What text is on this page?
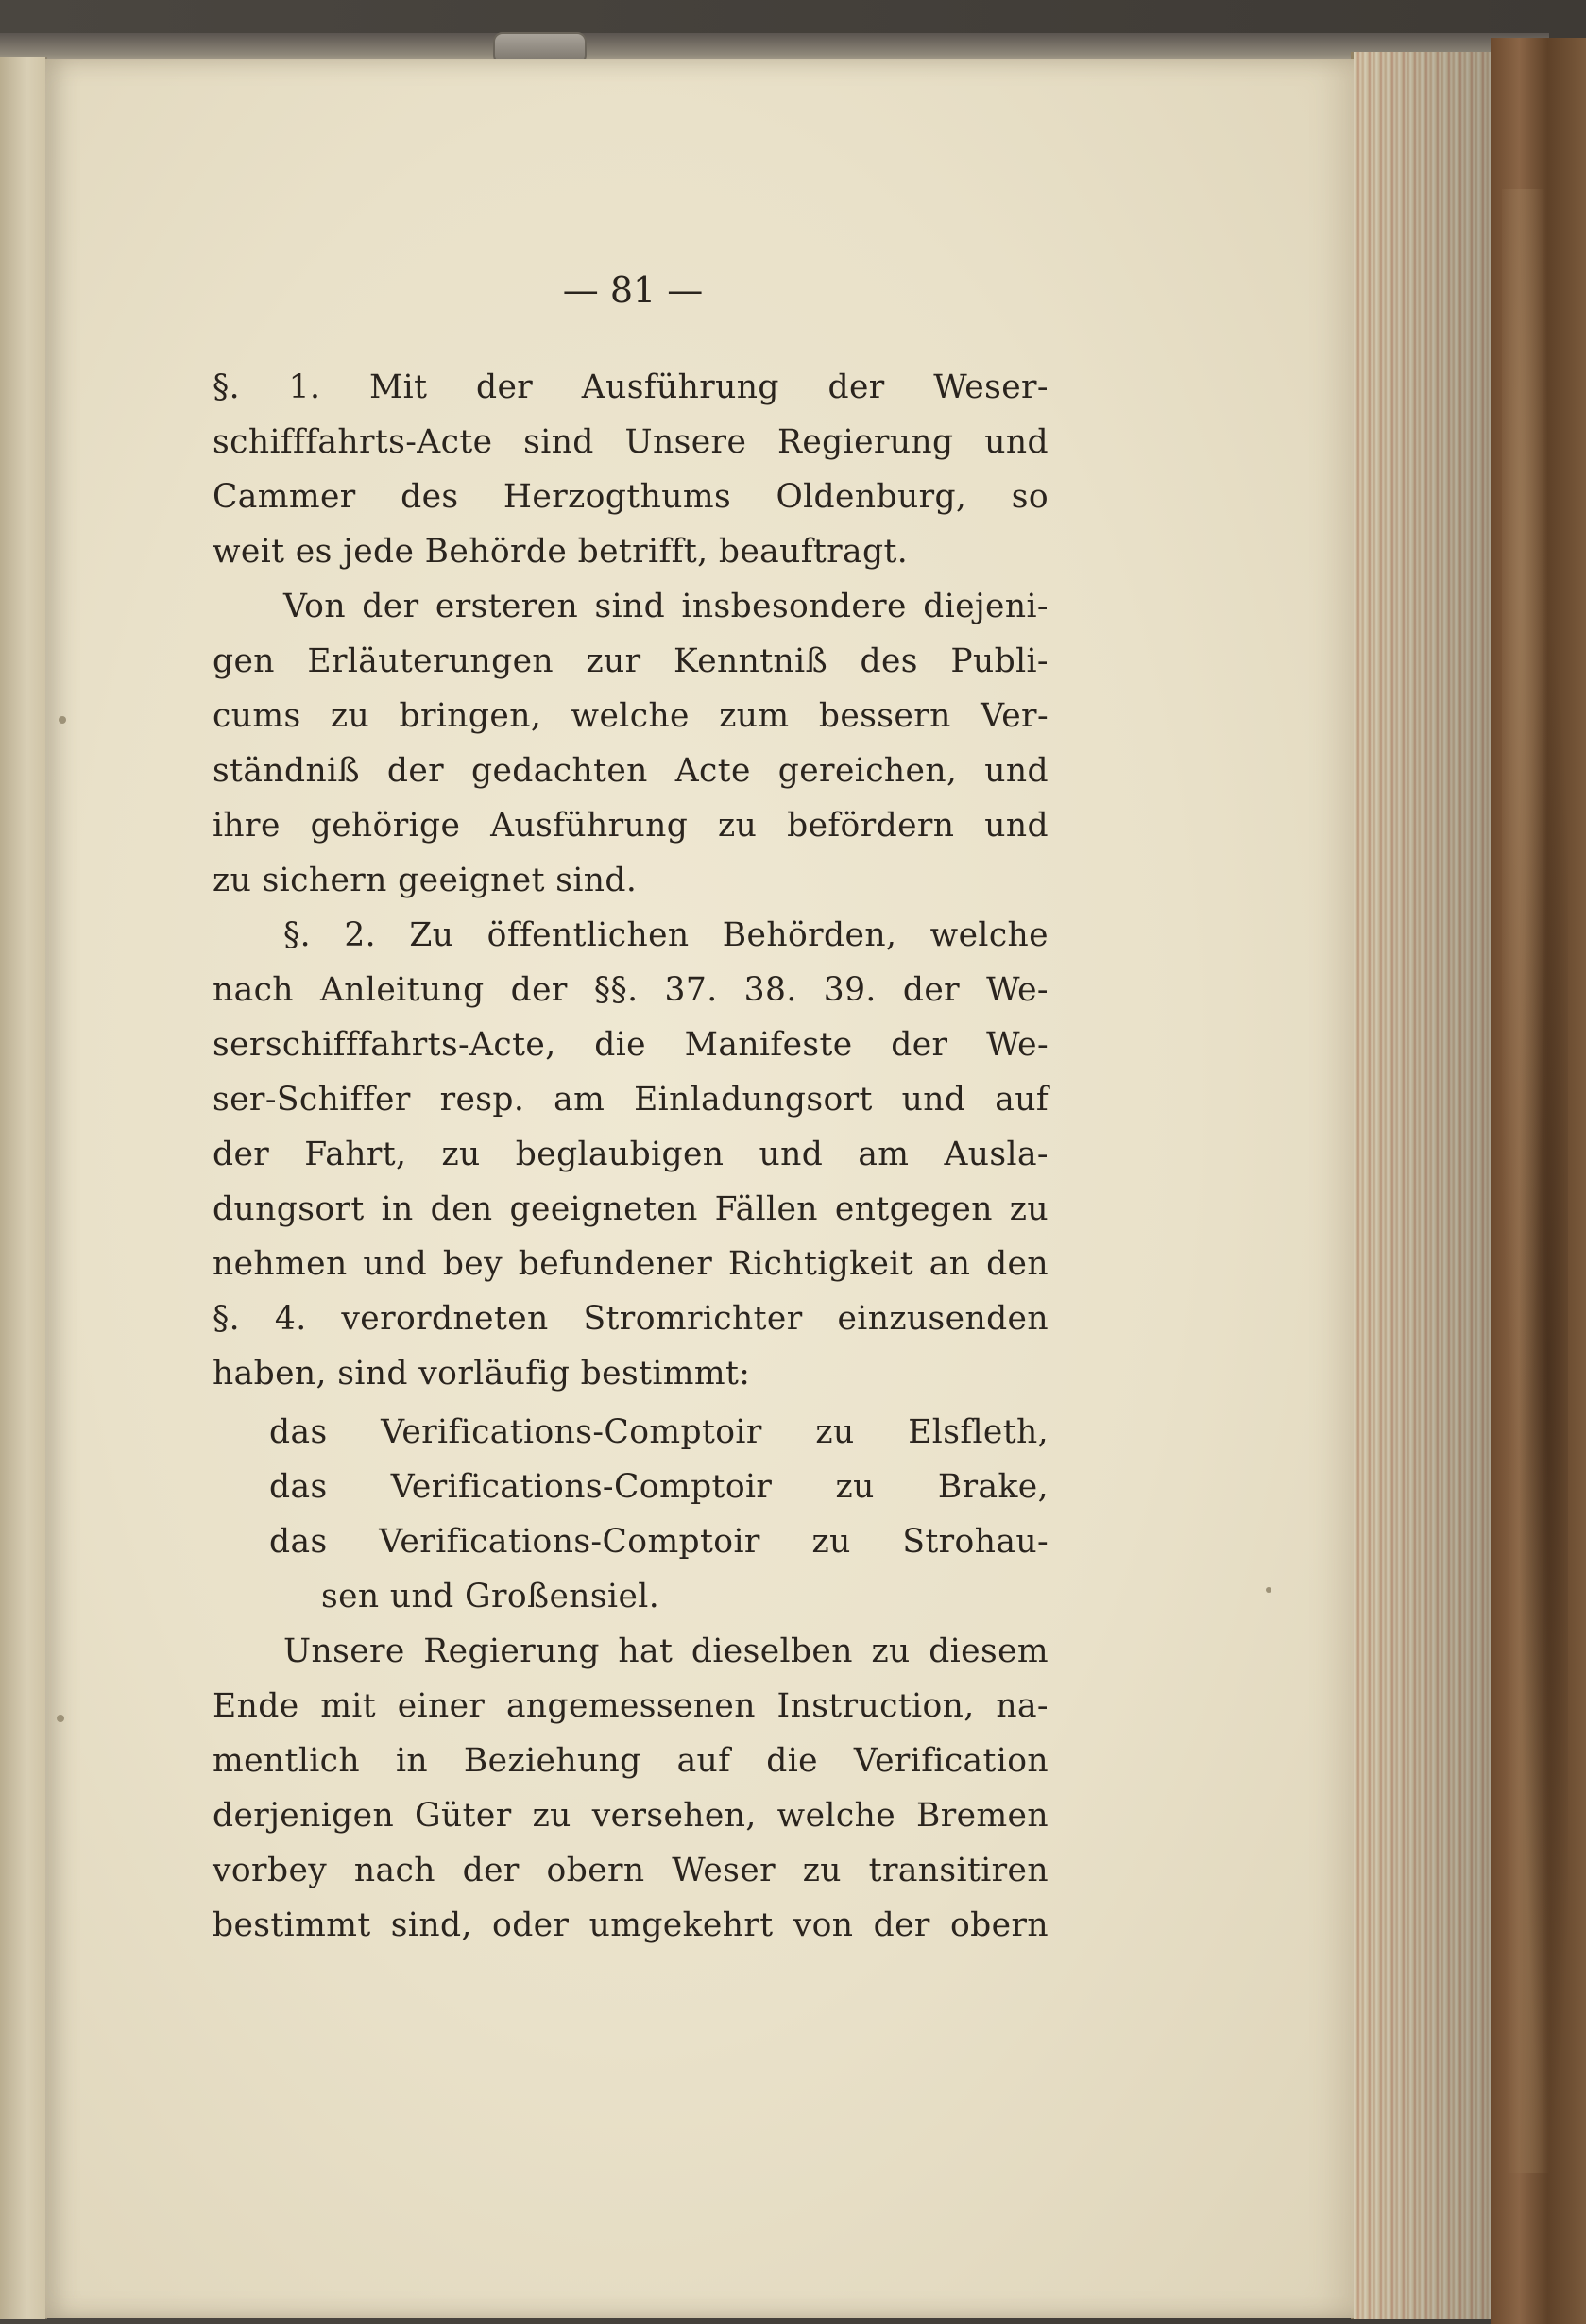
— 81 —
§. 1. Mit der Ausführung der Weser-
schifffahrts-Acte sind Unsere Regierung und
Cammer des Herzogthums Oldenburg, so
weit es jede Behörde betrifft, beauftragt.
Von der ersteren sind insbesondere diejeni-
gen Erläuterungen zur Kenntniß des Publi-
cums zu bringen, welche zum bessern Ver-
ständniß der gedachten Acte gereichen, und
ihre gehörige Ausführung zu befördern und
zu sichern geeignet sind.
§. 2. Zu öffentlichen Behörden, welche
nach Anleitung der §§. 37. 38. 39. der We-
serschifffahrts-Acte, die Manifeste der We-
ser-Schiffer resp. am Einladungsort und auf
der Fahrt, zu beglaubigen und am Ausla-
dungsort in den geeigneten Fällen entgegen zu
nehmen und bey befundener Richtigkeit an den
§. 4. verordneten Stromrichter einzusenden
haben, sind vorläufig bestimmt:
das Verifications-Comptoir zu Elsfleth,
das Verifications-Comptoir zu Brake,
das Verifications-Comptoir zu Strohau-
sen und Großensiel.
Unsere Regierung hat dieselben zu diesem
Ende mit einer angemessenen Instruction, na-
mentlich in Beziehung auf die Verification
derjenigen Güter zu versehen, welche Bremen
vorbey nach der obern Weser zu transitiren
bestimmt sind, oder umgekehrt von der obern
